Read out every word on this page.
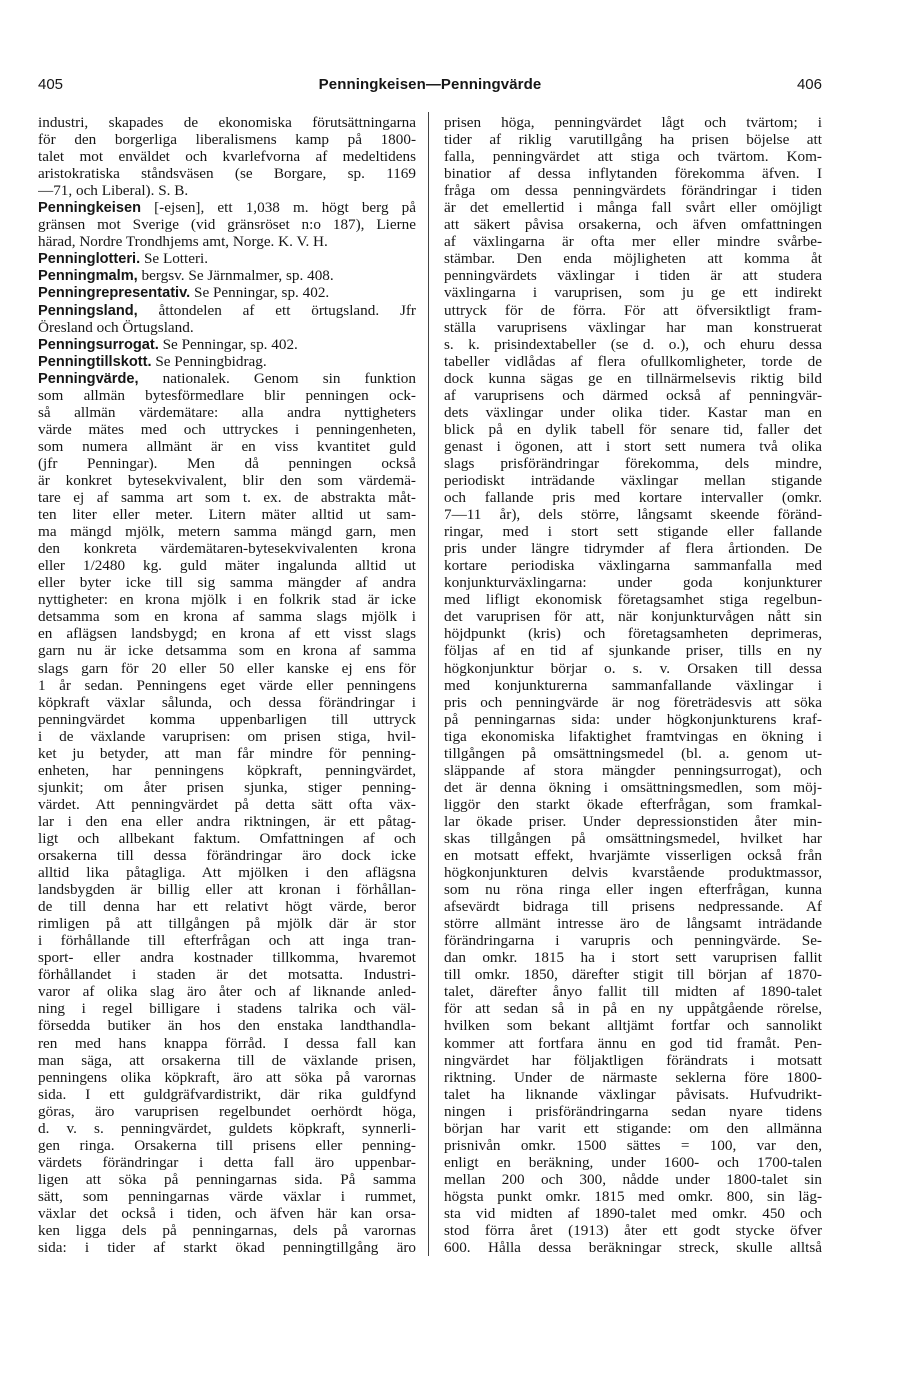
405	Penningkeisen—Penningvärde	406
industri, skapades de ekonomiska förutsättningarna
för den borgerliga liberalismens kamp på 1800-
talet mot enväldet och kvarlefvorna af medeltidens
aristokratiska ståndsväsen (se Borgare, sp. 1169
—71, och Liberal). S. B.
Penningkeisen [-ejsen], ett 1,038 m. högt berg på
gränsen mot Sverige (vid gränsröset n:o 187), Lierne
härad, Nordre Trondhjems amt, Norge. K. V. H.
Penninglotteri. Se Lotteri.
Penningmalm, bergsv. Se Järnmalmer, sp. 408.
Penningrepresentativ. Se Penningar, sp. 402.
Penningsland, åttondelen af ett örtugsland. Jfr
Öresland och Örtugsland.
Penningsurrogat. Se Penningar, sp. 402.
Penningtillskott. Se Penningbidrag.
Penningvärde, nationalek. Genom sin funktion
som allmän bytesförmedlare blir penningen ock-
så allmän värdemätare: alla andra nyttigheters
värde mätes med och uttryckes i penningenheten,
som numera allmänt är en viss kvantitet guld
(jfr Penningar). Men då penningen också
är konkret bytesekvivalent, blir den som värdemä-
tare ej af samma art som t. ex. de abstrakta måt-
ten liter eller meter. Litern mäter alltid ut sam-
ma mängd mjölk, metern samma mängd garn, men
den konkreta värdemätaren-bytesekvivalenten krona
eller 1/2480 kg. guld mäter ingalunda alltid ut
eller byter icke till sig samma mängder af andra
nyttigheter: en krona mjölk i en folkrik stad är icke
detsamma som en krona af samma slags mjölk i
en aflägsen landsbygd; en krona af ett visst slags
garn nu är icke detsamma som en krona af samma
slags garn för 20 eller 50 eller kanske ej ens för
1 år sedan. Penningens eget värde eller penningens
köpkraft växlar sålunda, och dessa förändringar i
penningvärdet komma uppenbarligen till uttryck
i de växlande varuprisen: om prisen stiga, hvil-
ket ju betyder, att man får mindre för penning-
enheten, har penningens köpkraft, penningvärdet,
sjunkit; om åter prisen sjunka, stiger penning-
värdet. Att penningvärdet på detta sätt ofta väx-
lar i den ena eller andra riktningen, är ett påtag-
ligt och allbekant faktum. Omfattningen af och
orsakerna till dessa förändringar äro dock icke
alltid lika påtagliga. Att mjölken i den aflägsna
landsbygden är billig eller att kronan i förhållan-
de till denna har ett relativt högt värde, beror
rimligen på att tillgången på mjölk där är stor
i förhållande till efterfrågan och att inga tran-
sport- eller andra kostnader tillkomma, hvaremot
förhållandet i staden är det motsatta. Industri-
varor af olika slag äro åter och af liknande anled-
ning i regel billigare i stadens talrika och väl-
försedda butiker än hos den enstaka landthandla-
ren med hans knappa förråd. I dessa fall kan
man säga, att orsakerna till de växlande prisen,
penningens olika köpkraft, äro att söka på varornas
sida. I ett guldgräfvardistrikt, där rika guldfynd
göras, äro varuprisen regelbundet oerhördt höga,
d. v. s. penningvärdet, guldets köpkraft, synnerli-
gen ringa. Orsakerna till prisens eller penning-
värdets förändringar i detta fall äro uppenbar-
ligen att söka på penningarnas sida. På samma
sätt, som penningarnas värde växlar i rummet,
växlar det också i tiden, och äfven här kan orsa-
ken ligga dels på penningarnas, dels på varornas
sida: i tider af starkt ökad penningtillgång äro
prisen höga, penningvärdet lågt och tvärtom; i
tider af riklig varutillgång ha prisen böjelse att
falla, penningvärdet att stiga och tvärtom. Kom-
binatior af dessa inflytanden förekomma äfven. I
fråga om dessa penningvärdets förändringar i tiden
är det emellertid i många fall svårt eller omöjligt
att säkert påvisa orsakerna, och äfven omfattningen
af växlingarna är ofta mer eller mindre svårbe-
stämbar. Den enda möjligheten att komma åt
penningvärdets växlingar i tiden är att studera
växlingarna i varuprisen, som ju ge ett indirekt
uttryck för de förra. För att öfversiktligt fram-
ställa varuprisens växlingar har man konstruerat
s. k. prisindextabeller (se d. o.), och ehuru dessa
tabeller vidlådas af flera ofullkomligheter, torde de
dock kunna sägas ge en tillnärmelsevis riktig bild
af varuprisens och därmed också af penningvär-
dets växlingar under olika tider. Kastar man en
blick på en dylik tabell för senare tid, faller det
genast i ögonen, att i stort sett numera två olika
slags prisförändringar förekomma, dels mindre,
periodiskt inträdande växlingar mellan stigande
och fallande pris med kortare intervaller (omkr.
7—11 år), dels större, långsamt skeende föränd-
ringar, med i stort sett stigande eller fallande
pris under längre tidrymder af flera årtionden. De
kortare periodiska växlingarna sammanfalla med
konjunkturväxlingarna: under goda konjunkturer
med lifligt ekonomisk företagsamhet stiga regelbun-
det varuprisen för att, när konjunkturvågen nått sin
höjdpunkt (kris) och företagsamheten deprimeras,
följas af en tid af sjunkande priser, tills en ny
högkonjunktur börjar o. s. v. Orsaken till dessa
med konjunkturerna sammanfallande växlingar i
pris och penningvärde är nog företrädesvis att söka
på penningarnas sida: under högkonjunkturens kraf-
tiga ekonomiska lifaktighet framtvingas en ökning i
tillgången på omsättningsmedel (bl. a. genom ut-
släppande af stora mängder penningsurrogat), och
det är denna ökning i omsättningsmedlen, som möj-
liggör den starkt ökade efterfrågan, som framkal-
lar ökade priser. Under depressionstiden åter min-
skas tillgången på omsättningsmedel, hvilket har
en motsatt effekt, hvarjämte visserligen också från
högkonjunkturen delvis kvarstående produktmassor,
som nu röna ringa eller ingen efterfrågan, kunna
afsevärdt bidraga till prisens nedpressande. Af
större allmänt intresse äro de långsamt inträdande
förändringarna i varupris och penningvärde. Se-
dan omkr. 1815 ha i stort sett varuprisen fallit
till omkr. 1850, därefter stigit till början af 1870-
talet, därefter ånyo fallit till midten af 1890-talet
för att sedan så in på en ny uppåtgående rörelse,
hvilken som bekant alltjämt fortfar och sannolikt
kommer att fortfara ännu en god tid framåt. Pen-
ningvärdet har följaktligen förändrats i motsatt
riktning. Under de närmaste seklerna före 1800-
talet ha liknande växlingar påvisats. Hufvudrikt-
ningen i prisförändringarna sedan nyare tidens
början har varit ett stigande: om den allmänna
prisnivån omkr. 1500 sättes = 100, var den,
enligt en beräkning, under 1600- och 1700-talen
mellan 200 och 300, nådde under 1800-talet sin
högsta punkt omkr. 1815 med omkr. 800, sin läg-
sta vid midten af 1890-talet med omkr. 450 och
stod förra året (1913) åter ett godt stycke öfver
600. Hålla dessa beräkningar streck, skulle alltså
